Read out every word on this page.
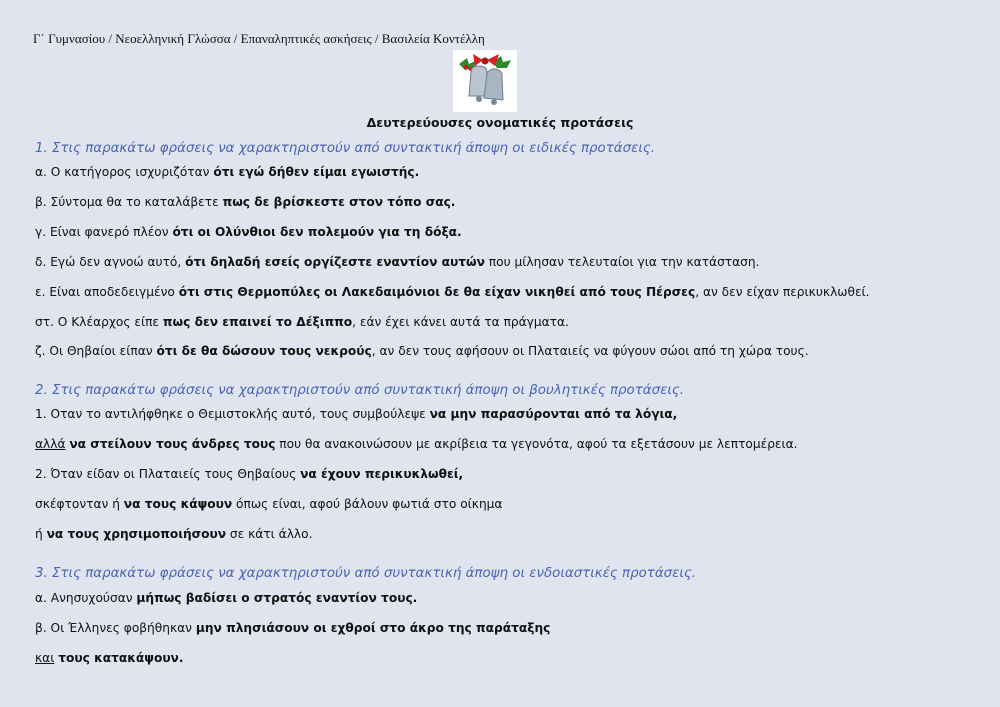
Γ΄ Γυμνασίου / Νεοελληνική Γλώσσα / Επαναληπτικές ασκήσεις / Βασιλεία Κοντέλλη
Δευτερεύουσες ονοματικές προτάσεις
1. Στις παρακάτω φράσεις να χαρακτηριστούν από συντακτική άποψη οι ειδικές προτάσεις.
α. Ο κατήγορος ισχυριζόταν ότι εγώ δήθεν είμαι εγωιστής.
β. Σύντομα θα το καταλάβετε πως δε βρίσκεστε στον τόπο σας.
γ. Είναι φανερό πλέον ότι οι Ολύνθιοι δεν πολεμούν για τη δόξα.
δ. Εγώ δεν αγνοώ αυτό, ότι δηλαδή εσείς οργίζεστε εναντίον αυτών που μίλησαν τελευταίοι για την κατάσταση.
ε. Είναι αποδεδειγμένο ότι στις Θερμοπύλες οι Λακεδαιμόνιοι δε θα είχαν νικηθεί από τους Πέρσες, αν δεν είχαν περικυκλωθεί.
στ. Ο Κλέαρχος είπε πως δεν επαινεί το Δέξιππο, εάν έχει κάνει αυτά τα πράγματα.
ζ. Οι Θηβαίοι είπαν ότι δε θα δώσουν τους νεκρούς, αν δεν τους αφήσουν οι Πλαταιείς να φύγουν σώοι από τη χώρα τους.
2. Στις παρακάτω φράσεις να χαρακτηριστούν από συντακτική άποψη οι βουλητικές προτάσεις.
1. Οταν το αντιλήφθηκε ο Θεμιστοκλής αυτό, τους συμβούλεψε να μην παρασύρονται από τα λόγια,
αλλά να στείλουν τους άνδρες τους που θα ανακοινώσουν με ακρίβεια τα γεγονότα, αφού τα εξετάσουν με λεπτομέρεια.
2. Όταν είδαν οι Πλαταιείς τους Θηβαίους να έχουν περικυκλωθεί,
σκέφτονταν ή να τους κάψουν όπως είναι, αφού βάλουν φωτιά στο οίκημα
ή να τους χρησιμοποιήσουν σε κάτι άλλο.
3. Στις παρακάτω φράσεις να χαρακτηριστούν από συντακτική άποψη οι ενδοιαστικές προτάσεις.
α. Ανησυχούσαν μήπως βαδίσει ο στρατός εναντίον τους.
β. Οι Έλληνες φοβήθηκαν μην πλησιάσουν οι εχθροί στο άκρο της παράταξης
και τους κατακάψουν.
